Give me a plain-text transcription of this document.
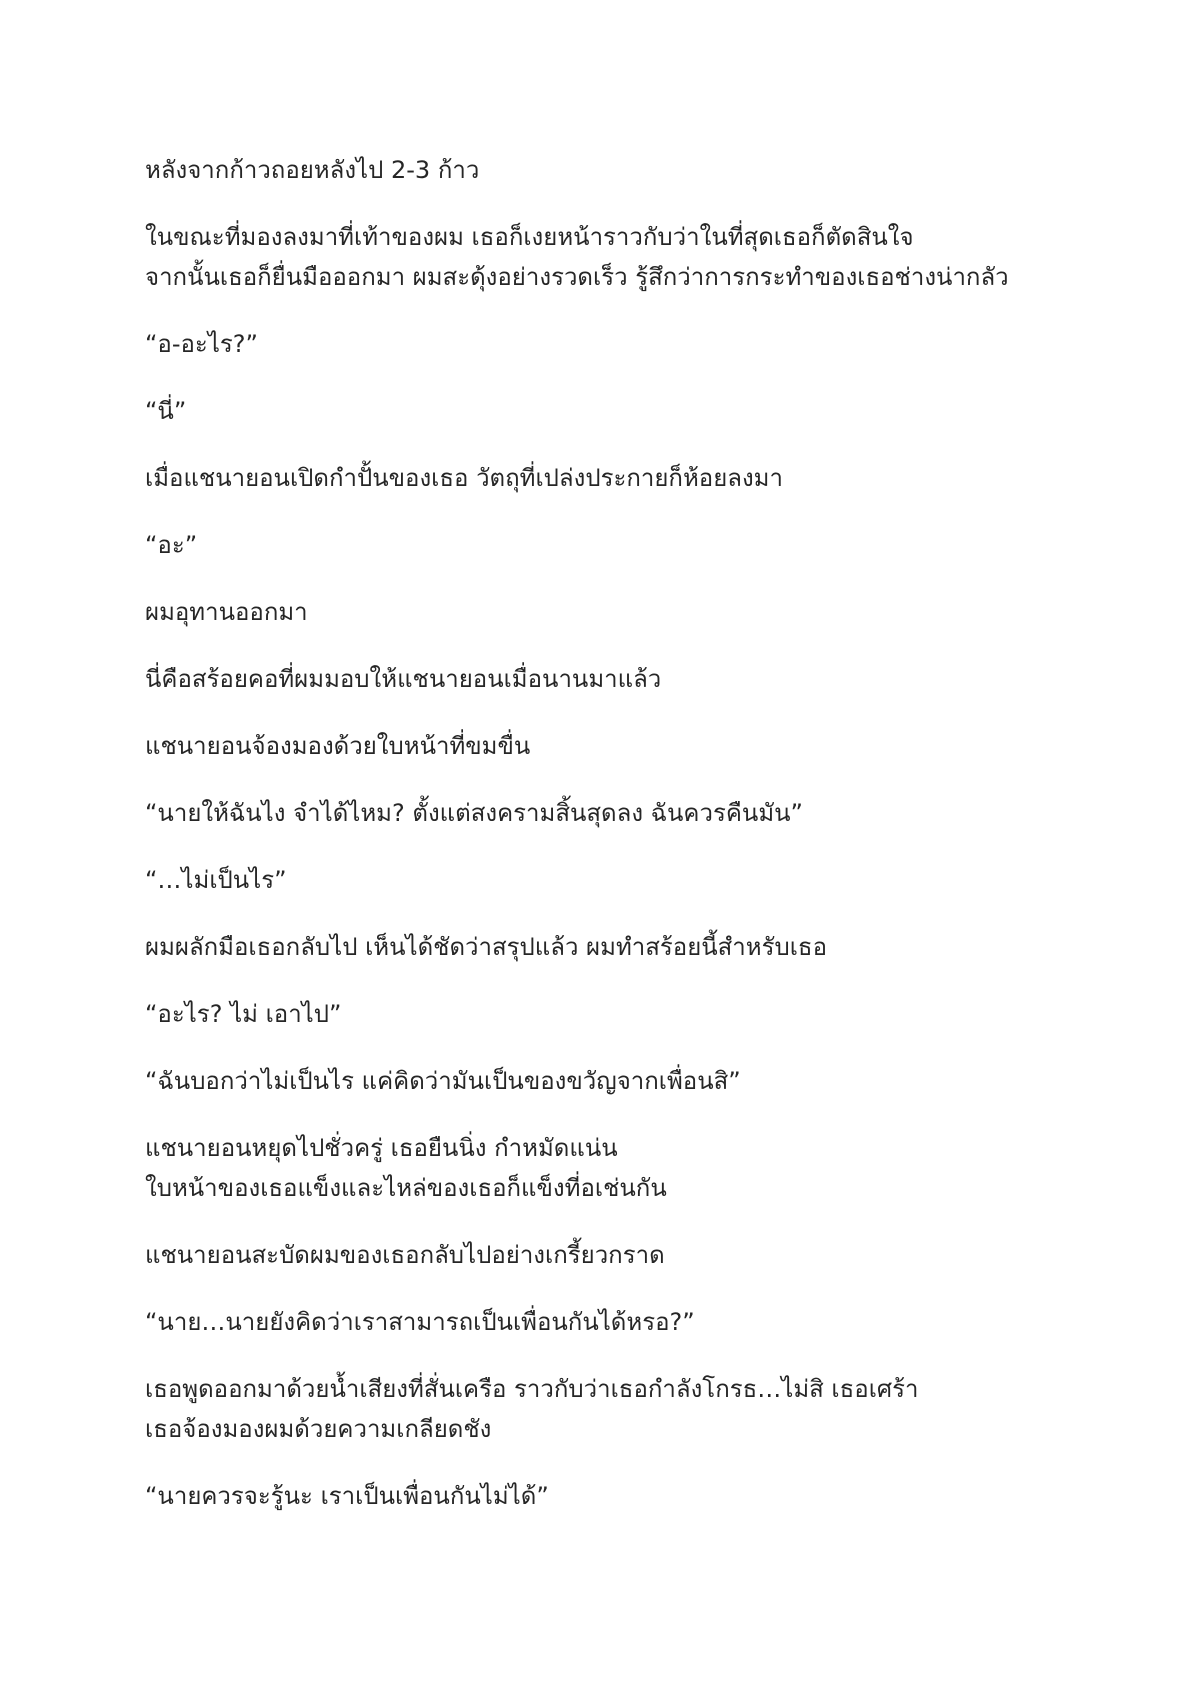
หลังจากก้าวถอยหลังไป 2-3 ก้าว

ในขณะที่มองลงมาที่เท้าของผม เธอก็เงยหน้าราวกับว่าในที่สุดเธอก็ตัดสินใจ
จากนั้นเธอก็ยื่นมือออกมา ผมสะดุ้งอย่างรวดเร็ว รู้สึกว่าการกระทำของเธอช่างน่ากลัว

“อ-อะไร?”

“นี่”

เมื่อแชนายอนเปิดกำปั้นของเธอ วัตถุที่เปล่งประกายก็ห้อยลงมา

“อะ”

ผมอุทานออกมา

นี่คือสร้อยคอที่ผมมอบให้แชนายอนเมื่อนานมาแล้ว

แชนายอนจ้องมองด้วยใบหน้าที่ขมขื่น

“นายให้ฉันไง จำได้ไหม? ตั้งแต่สงครามสิ้นสุดลง ฉันควรคืนมัน”

“…ไม่เป็นไร”

ผมผลักมือเธอกลับไป เห็นได้ชัดว่าสรุปแล้ว ผมทำสร้อยนี้สำหรับเธอ

“อะไร? ไม่ เอาไป”

“ฉันบอกว่าไม่เป็นไร แค่คิดว่ามันเป็นของขวัญจากเพื่อนสิ”

แชนายอนหยุดไปชั่วครู่ เธอยืนนิ่ง กำหมัดแน่น
ใบหน้าของเธอแข็งและไหล่ของเธอก็แข็งที่อเช่นกัน

แชนายอนสะบัดผมของเธอกลับไปอย่างเกรี้ยวกราด

“นาย…นายยังคิดว่าเราสามารถเป็นเพื่อนกันได้หรอ?”

เธอพูดออกมาด้วยน้ำเสียงที่สั่นเครือ ราวกับว่าเธอกำลังโกรธ…ไม่สิ เธอเศร้า
เธอจ้องมองผมด้วยความเกลียดชัง

“นายควรจะรู้นะ เราเป็นเพื่อนกันไม่ได้”
